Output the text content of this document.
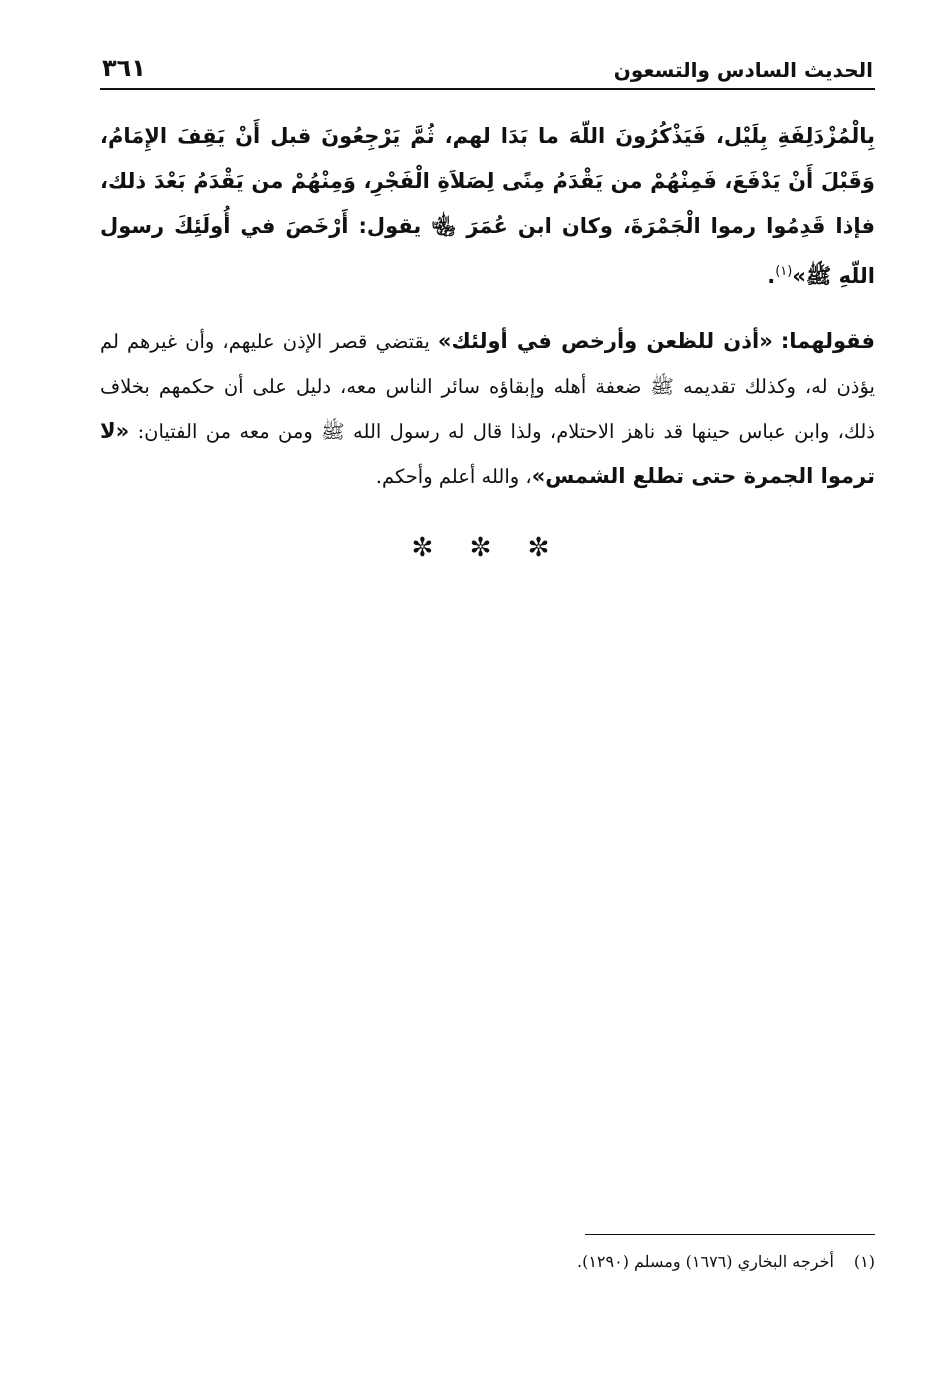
الحديث السادس والتسعون
٣٦١

بِالْمُزْدَلِفَةِ بِلَيْل، فَيَذْكُرُونَ اللّهَ ما بَدَا لهم، ثُمَّ يَرْجِعُونَ قبل أَنْ يَقِفَ الإِمَامُ، وَقَبْلَ أَنْ يَدْفَعَ، فَمِنْهُمْ من يَقْدَمُ مِنًى لِصَلاَةِ الْفَجْرِ، وَمِنْهُمْ من يَقْدَمُ بَعْدَ ذلك، فإذا قَدِمُوا رموا الْجَمْرَةَ، وكان ابن عُمَرَ ﵄ يقول: أَرْخَصَ في أُولَئِكَ رسول اللّهِ ﷺ»$^{(١)}$.

فقولهما: «أذن للظعن وأرخص في أولئك» يقتضي قصر الإذن عليهم، وأن غيرهم لم يؤذن له، وكذلك تقديمه ﷺ ضعفة أهله وإبقاؤه سائر الناس معه، دليل على أن حكمهم بخلاف ذلك، وابن عباس حينها قد ناهز الاحتلام، ولذا قال له رسول الله ﷺ ومن معه من الفتيان: «لا ترموا الجمرة حتى تطلع الشمس»، والله أعلم وأحكم.

✼ ✼ ✼
(١)أخرجه البخاري (١٦٧٦) ومسلم (١٢٩٠).
